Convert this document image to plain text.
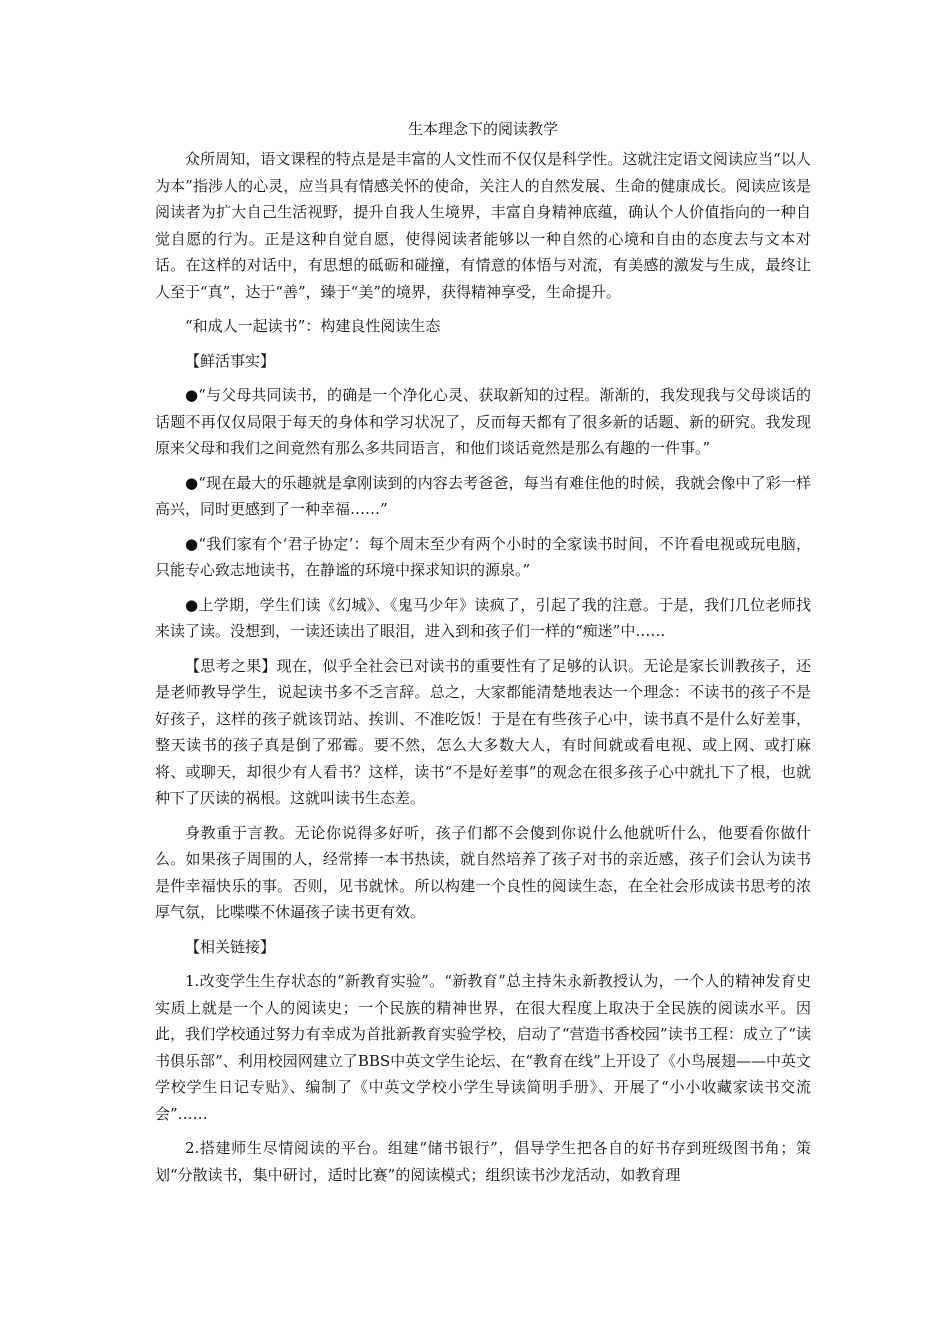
生本理念下的阅读教学

众所周知，语文课程的特点是是丰富的人文性而不仅仅是科学性。这就注定语文阅读应当“以人为本”指涉人的心灵，应当具有情感关怀的使命，关注人的自然发展、生命的健康成长。阅读应该是阅读者为扩大自己生活视野，提升自我人生境界，丰富自身精神底蕴，确认个人价值指向的一种自觉自愿的行为。正是这种自觉自愿，使得阅读者能够以一种自然的心境和自由的态度去与文本对话。在这样的对话中，有思想的砥砺和碰撞，有情意的体悟与对流，有美感的激发与生成，最终让人至于“真”，达于“善”，臻于“美”的境界，获得精神享受，生命提升。

“和成人一起读书”：构建良性阅读生态

【鲜活事实】

●“与父母共同读书，的确是一个净化心灵、获取新知的过程。渐渐的，我发现我与父母谈话的话题不再仅仅局限于每天的身体和学习状况了，反而每天都有了很多新的话题、新的研究。我发现原来父母和我们之间竟然有那么多共同语言，和他们谈话竟然是那么有趣的一件事。”

●“现在最大的乐趣就是拿刚读到的内容去考爸爸，每当有难住他的时候，我就会像中了彩一样高兴，同时更感到了一种幸福……”

●“我们家有个‘君子协定’：每个周末至少有两个小时的全家读书时间，不许看电视或玩电脑，只能专心致志地读书，在静谧的环境中探求知识的源泉。”

●上学期，学生们读《幻城》、《鬼马少年》读疯了，引起了我的注意。于是，我们几位老师找来读了读。没想到，一读还读出了眼泪，进入到和孩子们一样的“痴迷”中……

【思考之果】现在，似乎全社会已对读书的重要性有了足够的认识。无论是家长训教孩子，还是老师教导学生，说起读书多不乏言辞。总之，大家都能清楚地表达一个理念：不读书的孩子不是好孩子，这样的孩子就该罚站、挨训、不准吃饭！于是在有些孩子心中，读书真不是什么好差事，整天读书的孩子真是倒了邪霉。要不然，怎么大多数大人，有时间就或看电视、或上网、或打麻将、或聊天，却很少有人看书？这样，读书“不是好差事”的观念在很多孩子心中就扎下了根，也就种下了厌读的祸根。这就叫读书生态差。

身教重于言教。无论你说得多好听，孩子们都不会傻到你说什么他就听什么，他要看你做什么。如果孩子周围的人，经常捧一本书热读，就自然培养了孩子对书的亲近感，孩子们会认为读书是件幸福快乐的事。否则，见书就怵。所以构建一个良性的阅读生态，在全社会形成读书思考的浓厚气氛，比喋喋不休逼孩子读书更有效。

【相关链接】

1.改变学生生存状态的“新教育实验”。“新教育”总主持朱永新教授认为，一个人的精神发育史实质上就是一个人的阅读史；一个民族的精神世界，在很大程度上取决于全民族的阅读水平。因此，我们学校通过努力有幸成为首批新教育实验学校，启动了“营造书香校园”读书工程：成立了“读书俱乐部”、利用校园网建立了BBS中英文学生论坛、在“教育在线”上开设了《小鸟展翅——中英文学校学生日记专贴》、编制了《中英文学校小学生导读简明手册》、开展了“小小收藏家读书交流会”……

2.搭建师生尽情阅读的平台。组建“储书银行”，倡导学生把各自的好书存到班级图书角；策划“分散读书，集中研讨，适时比赛”的阅读模式；组织读书沙龙活动，如教育理
